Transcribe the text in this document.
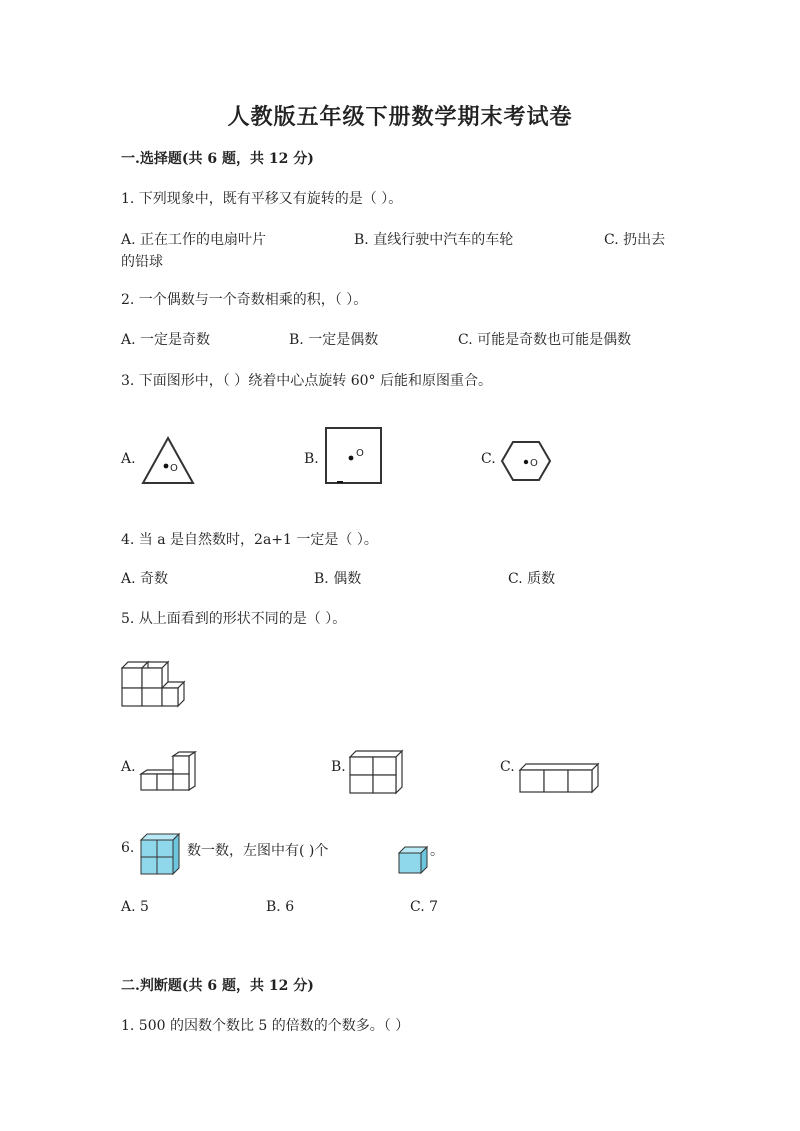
人教版五年级下册数学期末考试卷
一.选择题(共 6 题，共 12 分)
1. 下列现象中，既有平移又有旋转的是（ ）。
A. 正在工作的电扇叶片	B. 直线行驶中汽车的车轮	C. 扔出去
的铅球
2. 一个偶数与一个奇数相乘的积，（ ）。
A. 一定是奇数	B. 一定是偶数	C. 可能是奇数也可能是偶数
3. 下面图形中，（ ）绕着中心点旋转 60° 后能和原图重合。
A.
O
B.	O	C.	O
4. 当 a 是自然数时，2a+1 一定是（ ）。
A. 奇数	B. 偶数	C. 质数
5. 从上面看到的形状不同的是（ ）。
A.	B.	C.
6.	数一数，左图中有( )个	。
A. 5	B. 6	C. 7
二.判断题(共 6 题，共 12 分)
1. 500 的因数个数比 5 的倍数的个数多。（ ）
